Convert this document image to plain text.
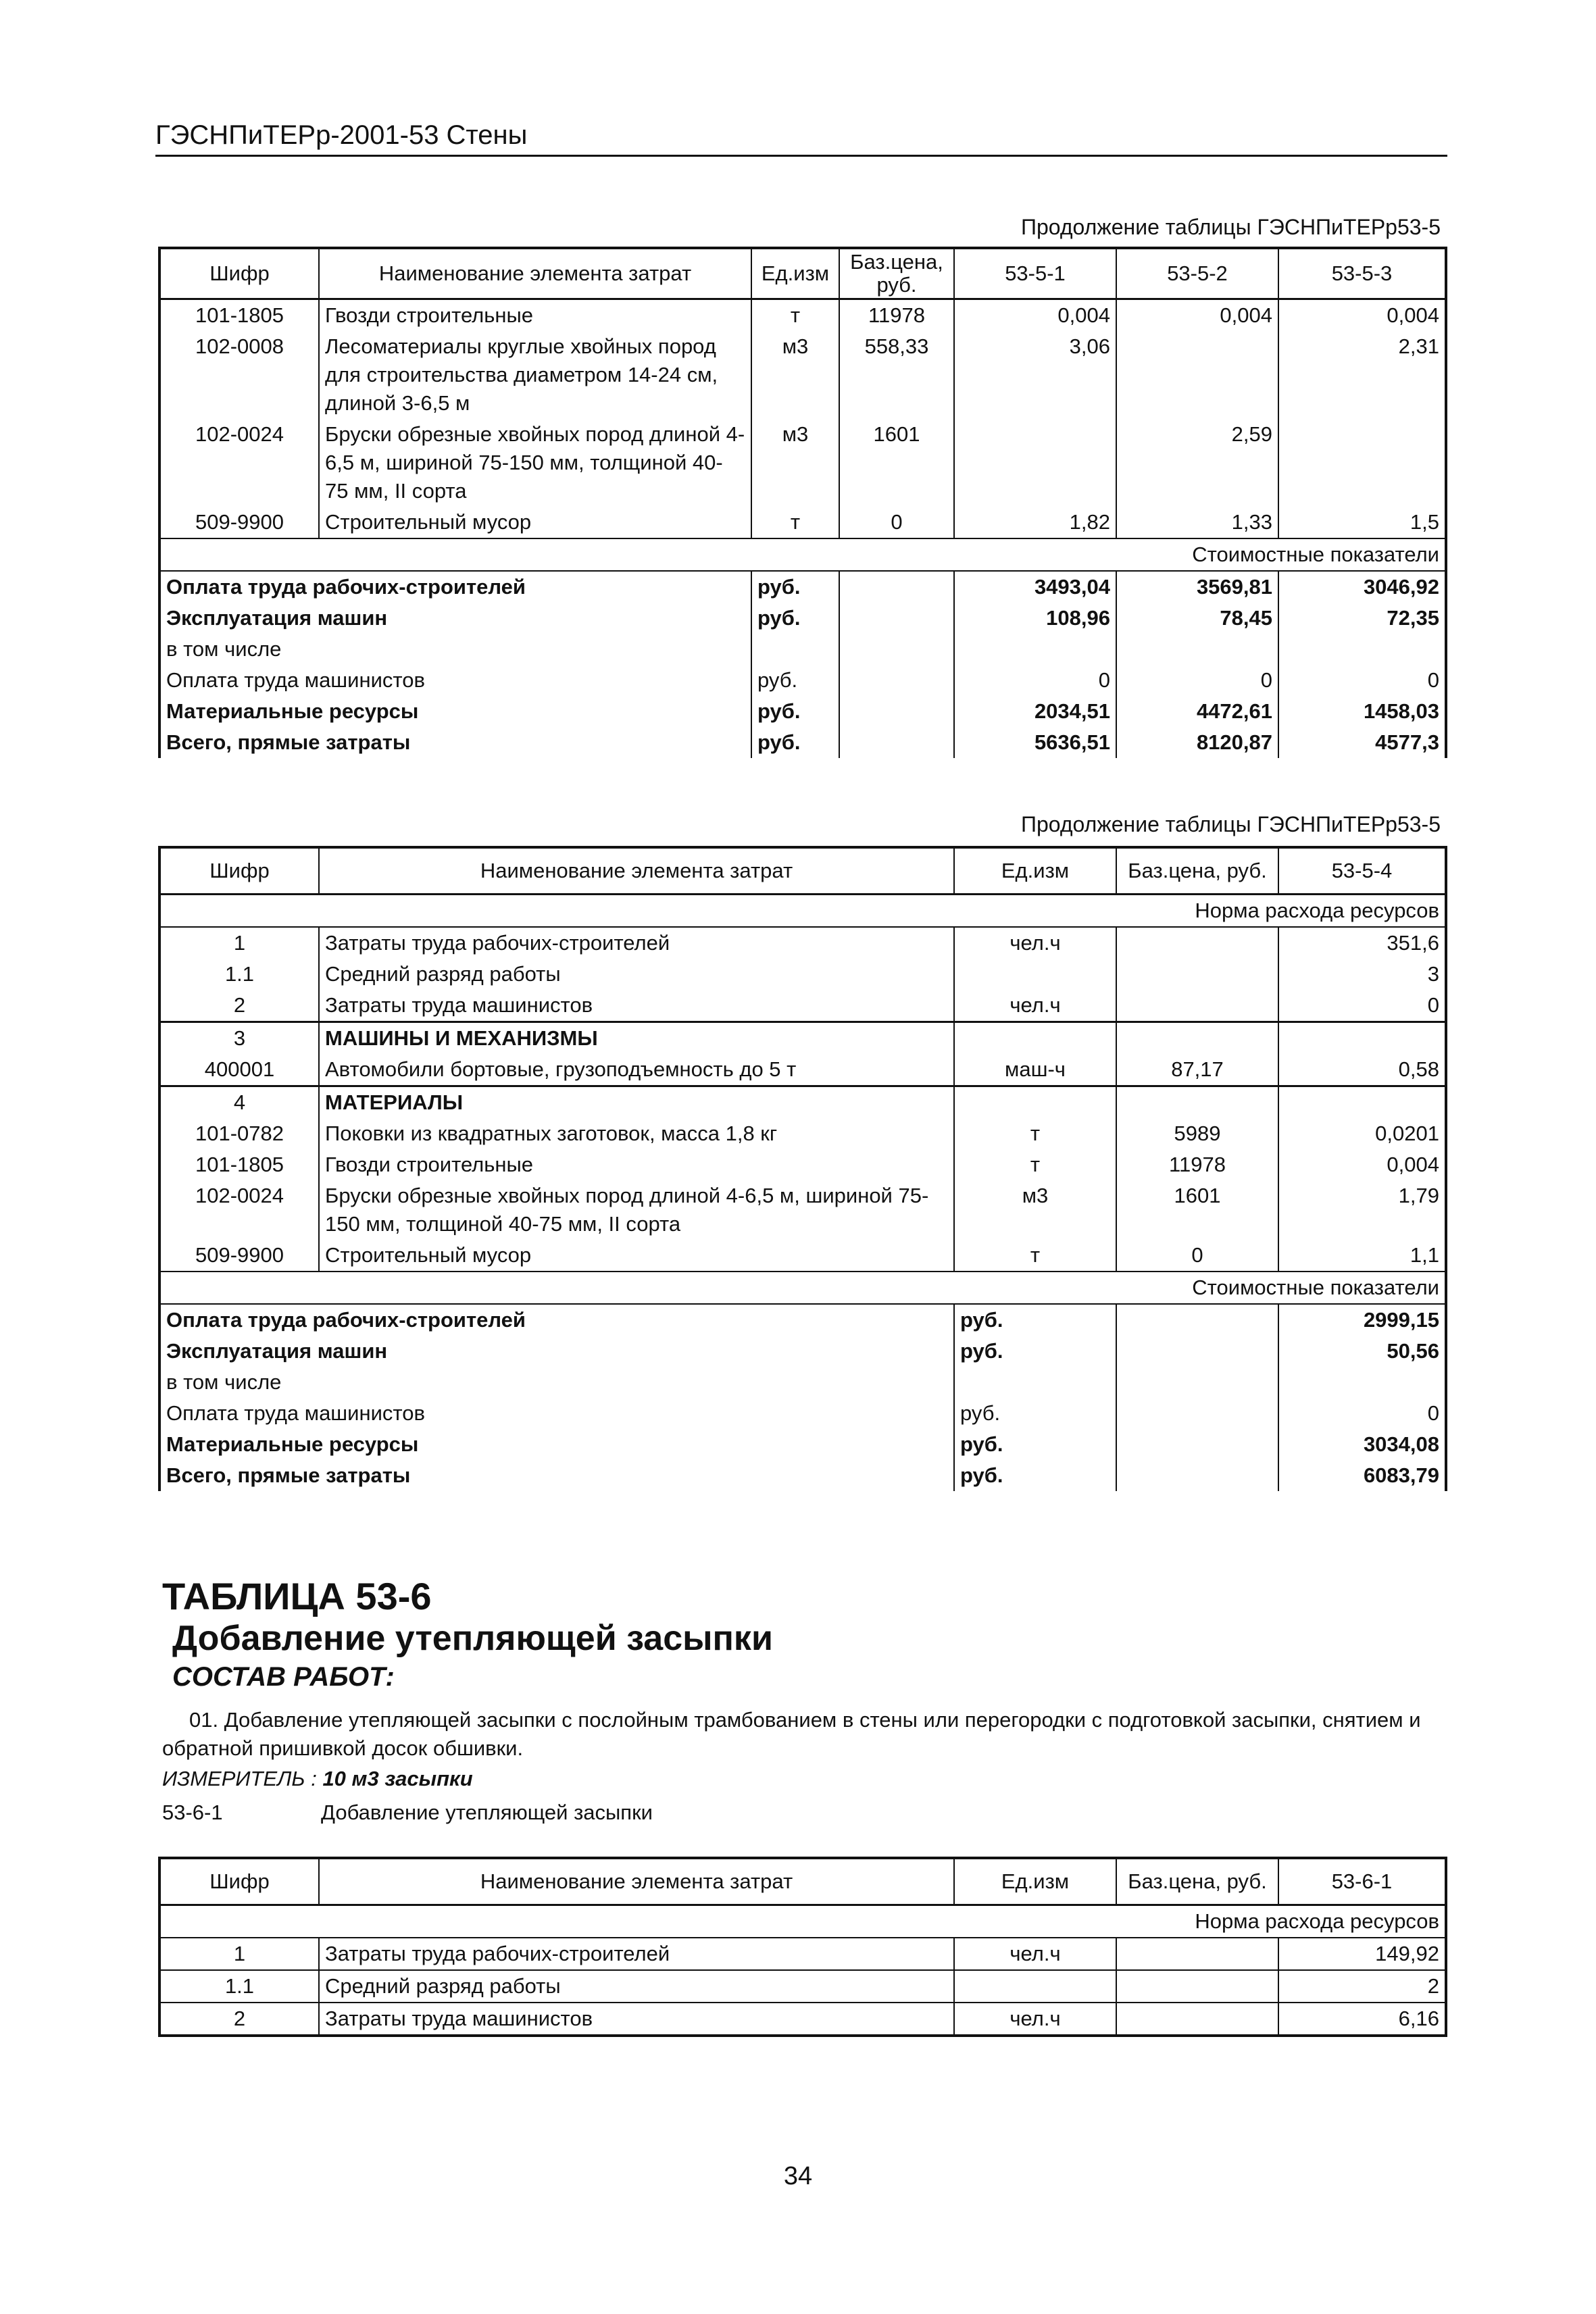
ГЭСНПиТЕРр-2001-53 Стены
Продолжение таблицы ГЭСНПиТЕРр53-5
Шифр	Наименование элемента затрат	Ед.изм	Баз.цена, руб.	53-5-1	53-5-2	53-5-3
101-1805	Гвозди строительные	т	11978	0,004	0,004	0,004
102-0008	Лесоматериалы круглые хвойных пород для строительства диаметром 14-24 см, длиной 3-6,5 м	м3	558,33	3,06		2,31
102-0024	Бруски обрезные хвойных пород длиной 4-6,5 м, шириной 75-150 мм, толщиной 40-75 мм, II сорта	м3	1601		2,59	
509-9900	Строительный мусор	т	0	1,82	1,33	1,5
Стоимостные показатели						
Оплата труда рабочих-строителей		руб.		3493,04	3569,81	3046,92
Эксплуатация машин		руб.		108,96	78,45	72,35
в том числе						
Оплата труда машинистов		руб.		0	0	0
Материальные ресурсы		руб.		2034,51	4472,61	1458,03
Всего, прямые затраты		руб.		5636,51	8120,87	4577,3
Продолжение таблицы ГЭСНПиТЕРр53-5
Шифр	Наименование элемента затрат	Ед.изм	Баз.цена, руб.	53-5-4
Норма расхода ресурсов				
1	Затраты труда рабочих-строителей	чел.ч		351,6
1.1	Средний разряд работы			3
2	Затраты труда машинистов	чел.ч		0
3	МАШИНЫ И МЕХАНИЗМЫ			
400001	Автомобили бортовые, грузоподъемность до 5 т	маш-ч	87,17	0,58
4	МАТЕРИАЛЫ			
101-0782	Поковки из квадратных заготовок, масса 1,8 кг	т	5989	0,0201
101-1805	Гвозди строительные	т	11978	0,004
102-0024	Бруски обрезные хвойных пород длиной 4-6,5 м, шириной 75-150 мм, толщиной 40-75 мм, II сорта	м3	1601	1,79
509-9900	Строительный мусор	т	0	1,1
Стоимостные показатели				
Оплата труда рабочих-строителей		руб.		2999,15
Эксплуатация машин		руб.		50,56
в том числе				
Оплата труда машинистов		руб.		0
Материальные ресурсы		руб.		3034,08
Всего, прямые затраты		руб.		6083,79
ТАБЛИЦА 53-6
Добавление утепляющей засыпки
СОСТАВ РАБОТ:
01. Добавление утепляющей засыпки с послойным трамбованием в стены или перегородки с подготовкой засыпки, снятием и обратной пришивкой досок обшивки.
ИЗМЕРИТЕЛЬ : 10 м3 засыпки
53-6-1	Добавление утепляющей засыпки
Шифр	Наименование элемента затрат	Ед.изм	Баз.цена, руб.	53-6-1
Норма расхода ресурсов				
1	Затраты труда рабочих-строителей	чел.ч		149,92
1.1	Средний разряд работы			2
2	Затраты труда машинистов	чел.ч		6,16
34
